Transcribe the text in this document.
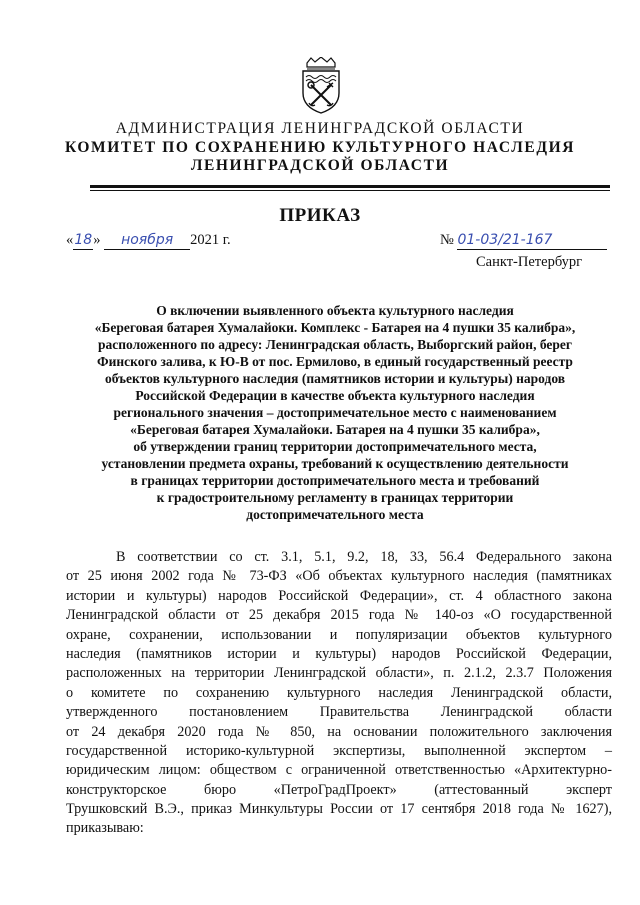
АДМИНИСТРАЦИЯ ЛЕНИНГРАДСКОЙ ОБЛАСТИ
КОМИТЕТ ПО СОХРАНЕНИЮ КУЛЬТУРНОГО НАСЛЕДИЯ
ЛЕНИНГРАДСКОЙ ОБЛАСТИ
ПРИКАЗ
«18» ноября 2021 г.	№ 01-03/21-167
Санкт-Петербург
О включении выявленного объекта культурного наследия
«Береговая батарея Хумалайоки. Комплекс - Батарея на 4 пушки 35 калибра»,
расположенного по адресу: Ленинградская область, Выборгский район, берег
Финского залива, к Ю-В от пос. Ермилово, в единый государственный реестр
объектов культурного наследия (памятников истории и культуры) народов
Российской Федерации в качестве объекта культурного наследия
регионального значения – достопримечательное место с наименованием
«Береговая батарея Хумалайоки. Батарея на 4 пушки 35 калибра»,
об утверждении границ территории достопримечательного места,
установлении предмета охраны, требований к осуществлению деятельности
в границах территории достопримечательного места и требований
к градостроительному регламенту в границах территории
достопримечательного места
В соответствии со ст. 3.1, 5.1, 9.2, 18, 33, 56.4 Федерального закона
от 25 июня 2002 года № 73-ФЗ «Об объектах культурного наследия (памятниках
истории и культуры) народов Российской Федерации», ст. 4 областного закона
Ленинградской области от 25 декабря 2015 года № 140-оз «О государственной
охране, сохранении, использовании и популяризации объектов культурного
наследия (памятников истории и культуры) народов Российской Федерации,
расположенных на территории Ленинградской области», п. 2.1.2, 2.3.7 Положения
о комитете по сохранению культурного наследия Ленинградской области,
утвержденного постановлением Правительства Ленинградской области
от 24 декабря 2020 года № 850, на основании положительного заключения
государственной историко-культурной экспертизы, выполненной экспертом –
юридическим лицом: обществом с ограниченной ответственностью «Архитектурно-
конструкторское бюро «ПетроГрадПроект» (аттестованный эксперт
Трушковский В.Э., приказ Минкультуры России от 17 сентября 2018 года № 1627),
приказываю:
